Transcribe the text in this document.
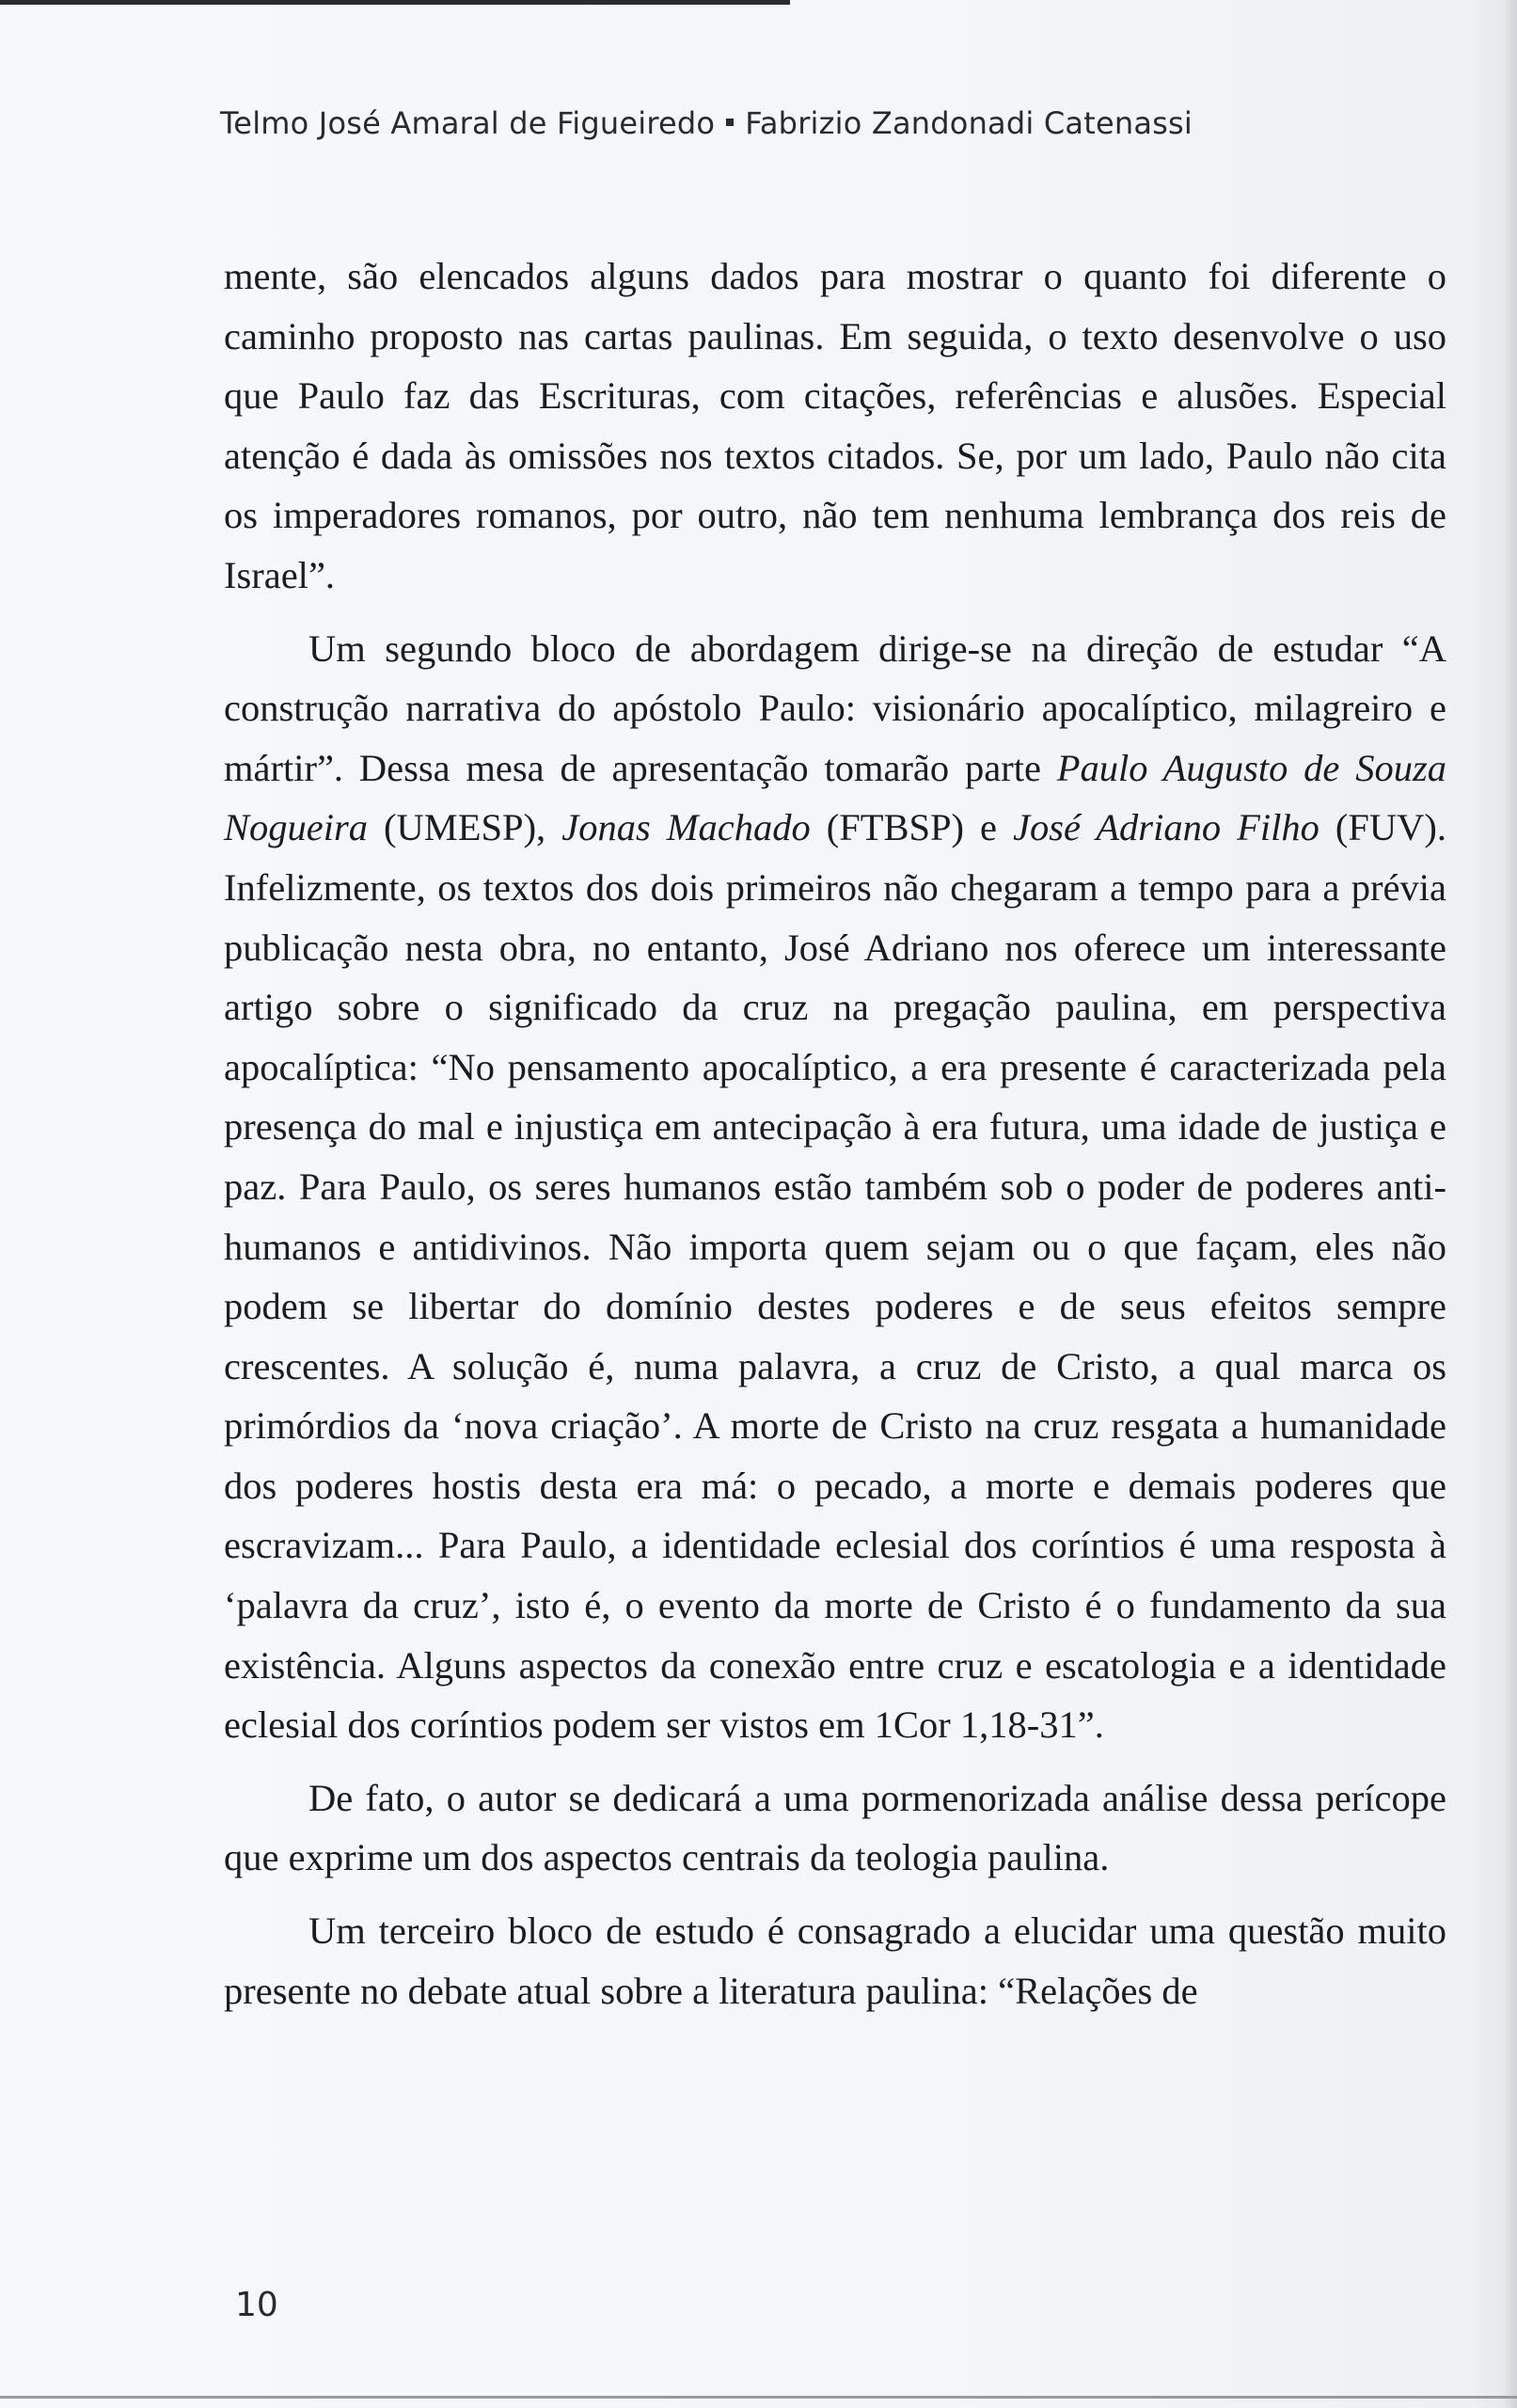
Telmo José Amaral de Figueiredo Fabrizio Zandonadi Catenassi

mente, são elencados alguns dados para mostrar o quanto foi diferente o caminho proposto nas cartas paulinas. Em seguida, o texto desenvolve o uso que Paulo faz das Escrituras, com citações, referências e alusões. Especial atenção é dada às omissões nos textos citados. Se, por um lado, Paulo não cita os imperadores romanos, por outro, não tem nenhuma lembrança dos reis de Israel”.

Um segundo bloco de abordagem dirige-se na direção de estudar “A construção narrativa do apóstolo Paulo: visionário apocalíptico, milagreiro e mártir”. Dessa mesa de apresentação tomarão parte Paulo Augusto de Souza Nogueira (UMESP), Jonas Machado (FTBSP) e José Adriano Filho (FUV). Infelizmente, os textos dos dois primeiros não chegaram a tempo para a prévia publicação nesta obra, no entanto, José Adriano nos oferece um interessante artigo sobre o significado da cruz na pregação paulina, em perspectiva apocalíptica: “No pensamento apocalíptico, a era presente é caracterizada pela presença do mal e injustiça em antecipação à era futura, uma idade de justiça e paz. Para Paulo, os seres humanos estão também sob o poder de poderes anti-humanos e antidivinos. Não importa quem sejam ou o que façam, eles não podem se libertar do domínio destes poderes e de seus efeitos sempre crescentes. A solução é, numa palavra, a cruz de Cristo, a qual marca os primórdios da ‘nova criação’. A morte de Cristo na cruz resgata a humanidade dos poderes hostis desta era má: o pecado, a morte e demais poderes que escravizam... Para Paulo, a identidade eclesial dos coríntios é uma resposta à ‘palavra da cruz’, isto é, o evento da morte de Cristo é o fundamento da sua existência. Alguns aspectos da conexão entre cruz e escatologia e a identidade eclesial dos coríntios podem ser vistos em 1Cor 1,18-31”.

De fato, o autor se dedicará a uma pormenorizada análise dessa perícope que exprime um dos aspectos centrais da teologia paulina.

Um terceiro bloco de estudo é consagrado a elucidar uma questão muito presente no debate atual sobre a literatura paulina: “Relações de

10
